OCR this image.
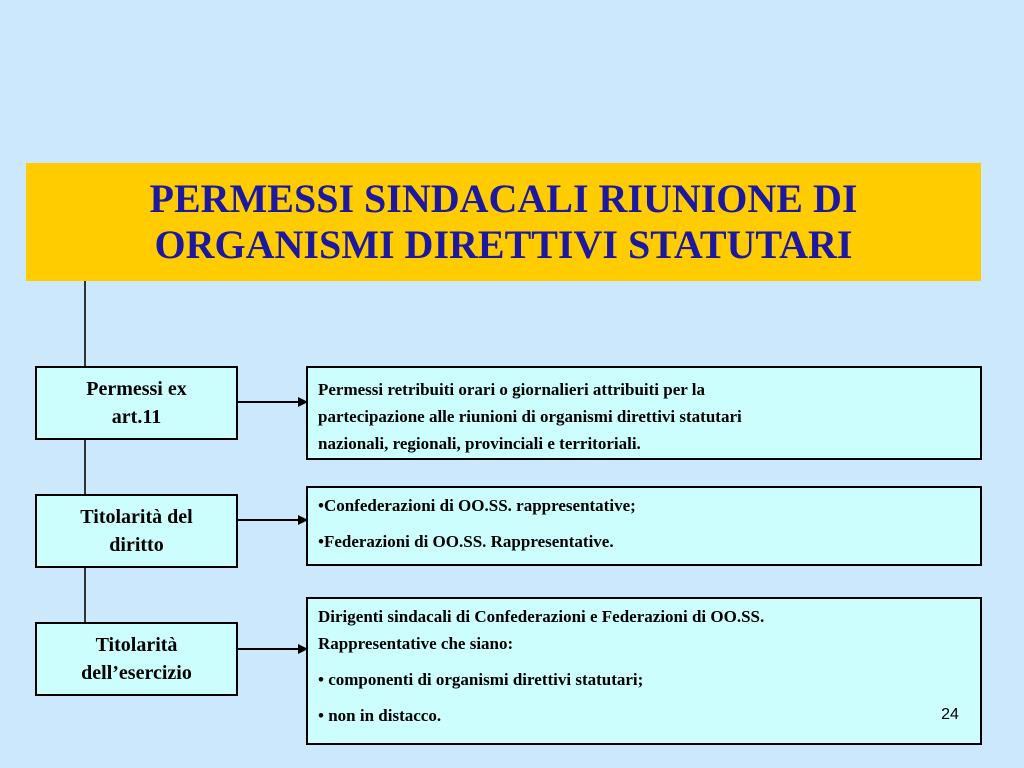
PERMESSI SINDACALI RIUNIONE DI
ORGANISMI DIRETTIVI STATUTARI
Permessi ex
art.11

Permessi retribuiti orari o giornalieri attribuiti per la

partecipazione alle riunioni di organismi direttivi statutari

nazionali, regionali, provinciali e territoriali.

Titolarità del
diritto

•Confederazioni di OO.SS. rappresentative;

•Federazioni di OO.SS. Rappresentative.

Titolarità
dell’esercizio

Dirigenti sindacali di Confederazioni e Federazioni di OO.SS.

Rappresentative che siano:

• componenti di organismi direttivi statutari;

• non in distacco.	24
